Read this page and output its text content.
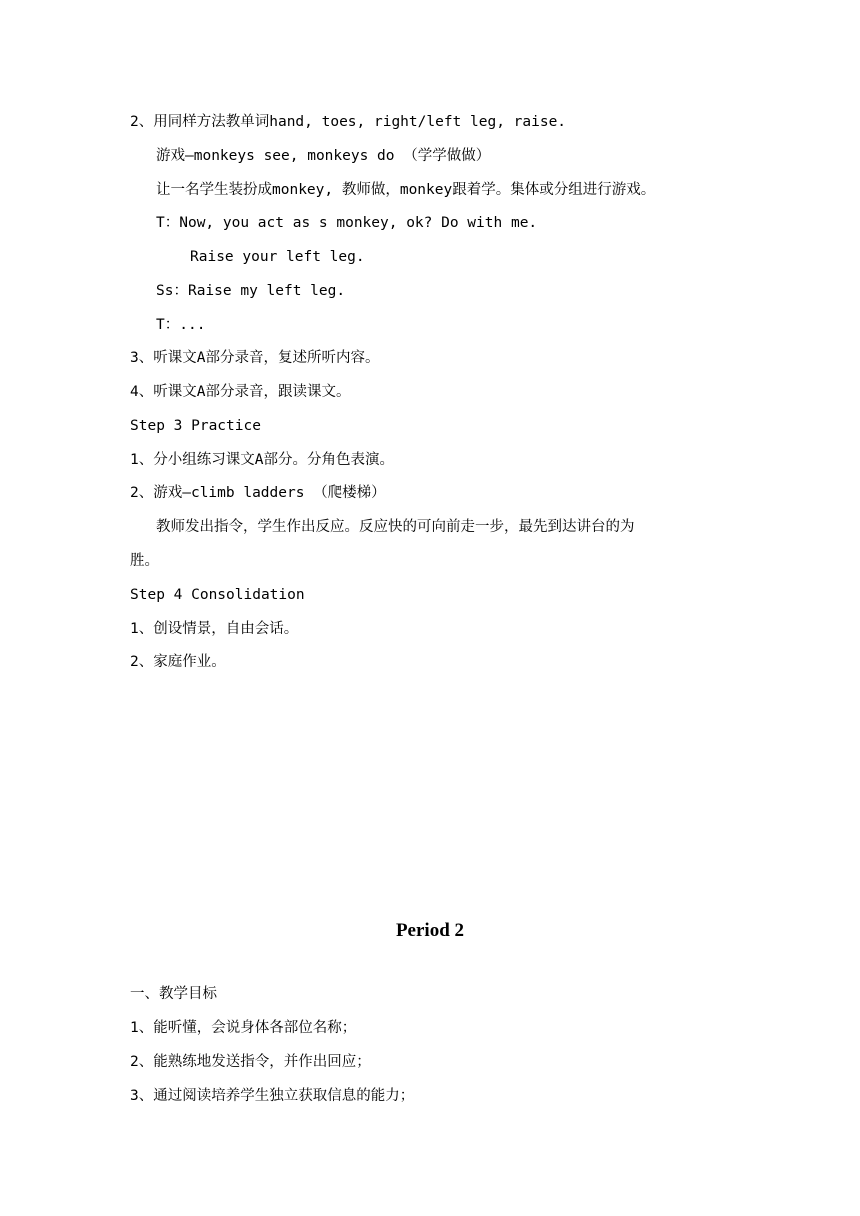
2、用同样方法教单词hand, toes, right/left leg, raise.
游戏—monkeys see, monkeys do （学学做做）
让一名学生装扮成monkey, 教师做，monkey跟着学。集体或分组进行游戏。
T：Now, you act as s monkey, ok? Do with me.
Raise your left leg.
Ss：Raise my left leg.
T：...
3、听课文A部分录音，复述所听内容。
4、听课文A部分录音，跟读课文。
Step 3 Practice
1、分小组练习课文A部分。分角色表演。
2、游戏—climb ladders （爬楼梯）
教师发出指令，学生作出反应。反应快的可向前走一步，最先到达讲台的为
胜。
Step 4 Consolidation
1、创设情景，自由会话。
2、家庭作业。
Period 2
一、教学目标
1、能听懂，会说身体各部位名称；
2、能熟练地发送指令，并作出回应；
3、通过阅读培养学生独立获取信息的能力；
